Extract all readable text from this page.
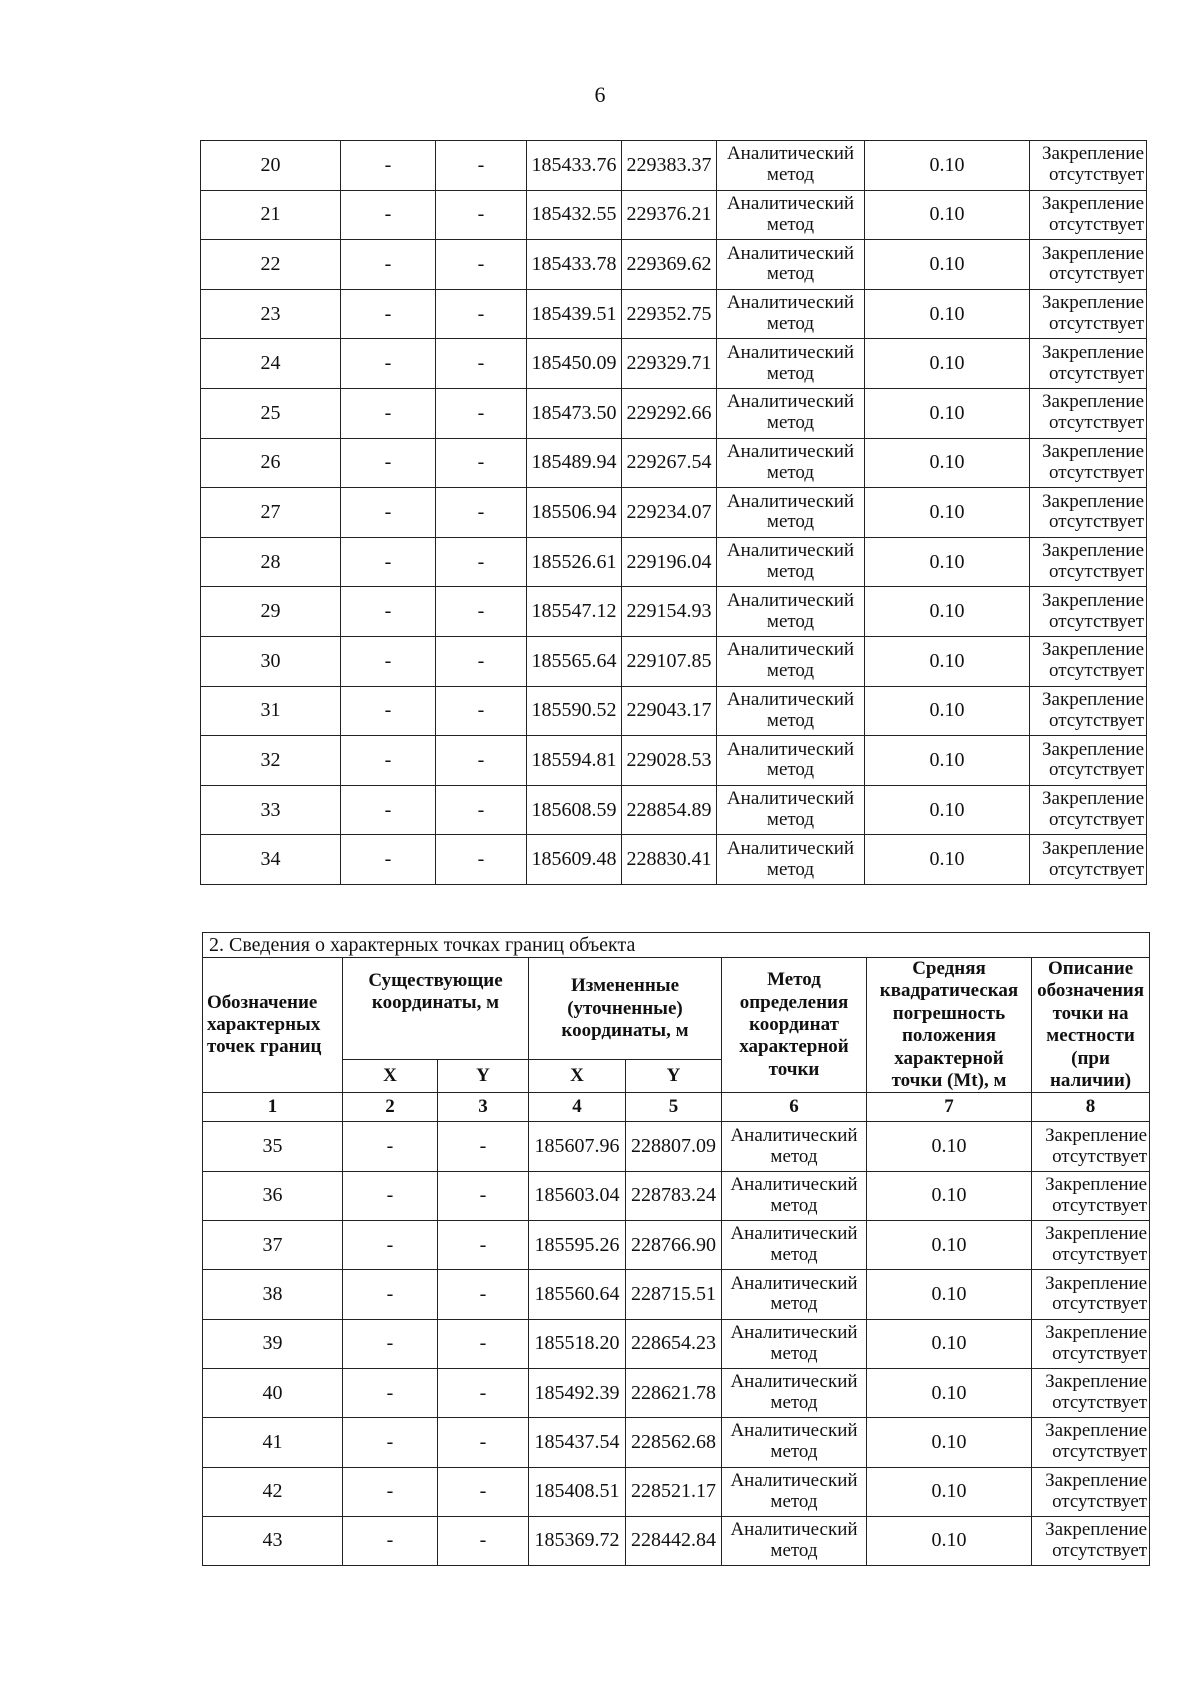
6
20	-	-	185433.76	229383.37	Аналитический метод	0.10	Закрепление отсутствует
21	-	-	185432.55	229376.21	Аналитический метод	0.10	Закрепление отсутствует
22	-	-	185433.78	229369.62	Аналитический метод	0.10	Закрепление отсутствует
23	-	-	185439.51	229352.75	Аналитический метод	0.10	Закрепление отсутствует
24	-	-	185450.09	229329.71	Аналитический метод	0.10	Закрепление отсутствует
25	-	-	185473.50	229292.66	Аналитический метод	0.10	Закрепление отсутствует
26	-	-	185489.94	229267.54	Аналитический метод	0.10	Закрепление отсутствует
27	-	-	185506.94	229234.07	Аналитический метод	0.10	Закрепление отсутствует
28	-	-	185526.61	229196.04	Аналитический метод	0.10	Закрепление отсутствует
29	-	-	185547.12	229154.93	Аналитический метод	0.10	Закрепление отсутствует
30	-	-	185565.64	229107.85	Аналитический метод	0.10	Закрепление отсутствует
31	-	-	185590.52	229043.17	Аналитический метод	0.10	Закрепление отсутствует
32	-	-	185594.81	229028.53	Аналитический метод	0.10	Закрепление отсутствует
33	-	-	185608.59	228854.89	Аналитический метод	0.10	Закрепление отсутствует
34	-	-	185609.48	228830.41	Аналитический метод	0.10	Закрепление отсутствует
2. Сведения о характерных точках границ объекта							
Обозначение характерных точек границ	Существующие координаты, м		Измененные (уточненные) координаты, м		Метод определения координат характерной точки	Средняя квадратическая погрешность положения характерной точки (Mt), м	Описание обозначения точки на местности (при наличии)
	X	Y	X	Y			
1	2	3	4	5	6	7	8
35	-	-	185607.96	228807.09	Аналитический метод	0.10	Закрепление отсутствует
36	-	-	185603.04	228783.24	Аналитический метод	0.10	Закрепление отсутствует
37	-	-	185595.26	228766.90	Аналитический метод	0.10	Закрепление отсутствует
38	-	-	185560.64	228715.51	Аналитический метод	0.10	Закрепление отсутствует
39	-	-	185518.20	228654.23	Аналитический метод	0.10	Закрепление отсутствует
40	-	-	185492.39	228621.78	Аналитический метод	0.10	Закрепление отсутствует
41	-	-	185437.54	228562.68	Аналитический метод	0.10	Закрепление отсутствует
42	-	-	185408.51	228521.17	Аналитический метод	0.10	Закрепление отсутствует
43	-	-	185369.72	228442.84	Аналитический метод	0.10	Закрепление отсутствует
